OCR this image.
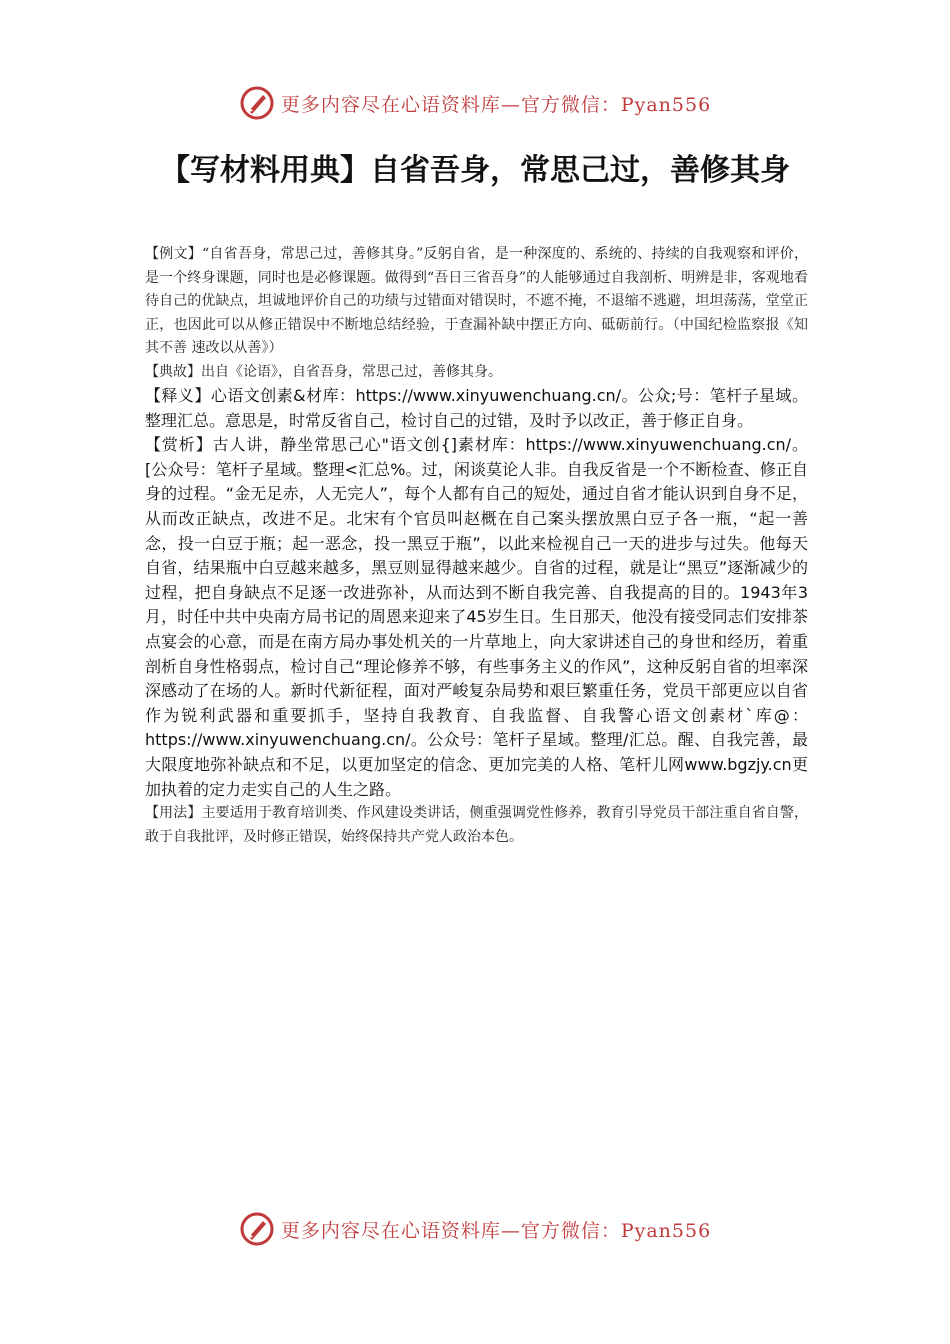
更多内容尽在心语资料库—官方微信：Pyan556
【写材料用典】自省吾身，常思己过，善修其身

【例文】“自省吾身，常思己过，善修其身。”反躬自省，是一种深度的、系统的、持续的自我观察和评价，是一个终身课题，同时也是必修课题。做得到“吾日三省吾身”的人能够通过自我剖析、明辨是非，客观地看待自己的优缺点，坦诚地评价自己的功绩与过错面对错误时，不遮不掩，不退缩不逃避，坦坦荡荡，堂堂正正，也因此可以从修正错误中不断地总结经验，于查漏补缺中摆正方向、砥砺前行。（中国纪检监察报《知其不善 速改以从善》）

【典故】出自《论语》，自省吾身，常思己过，善修其身。

【释义】心语文创素&材库：https://www.xinyuwenchuang.cn/。公众;号：笔杆子星域。整理汇总。意思是，时常反省自己，检讨自己的过错，及时予以改正，善于修正自身。

【赏析】古人讲，静坐常思己心"语文创{]素材库：https://www.xinyuwenchuang.cn/。[公众号：笔杆子星域。整理<汇总%。过，闲谈莫论人非。自我反省是一个不断检查、修正自身的过程。“金无足赤，人无完人”，每个人都有自己的短处，通过自省才能认识到自身不足，从而改正缺点，改进不足。北宋有个官员叫赵概在自己案头摆放黑白豆子各一瓶，“起一善念，投一白豆于瓶；起一恶念，投一黑豆于瓶”，以此来检视自己一天的进步与过失。他每天自省，结果瓶中白豆越来越多，黑豆则显得越来越少。自省的过程，就是让“黑豆”逐渐减少的过程，把自身缺点不足逐一改进弥补，从而达到不断自我完善、自我提高的目的。1943年3月，时任中共中央南方局书记的周恩来迎来了45岁生日。生日那天，他没有接受同志们安排茶点宴会的心意，而是在南方局办事处机关的一片草地上，向大家讲述自己的身世和经历，着重剖析自身性格弱点，检讨自己“理论修养不够，有些事务主义的作风”，这种反躬自省的坦率深深感动了在场的人。新时代新征程，面对严峻复杂局势和艰巨繁重任务，党员干部更应以自省作为锐利武器和重要抓手，坚持自我教育、自我监督、自我警心语文创素材`库@：https://www.xinyuwenchuang.cn/。公众号：笔杆子星域。整理/汇总。醒、自我完善，最大限度地弥补缺点和不足，以更加坚定的信念、更加完美的人格、笔杆儿网www.bgzjy.cn更加执着的定力走实自己的人生之路。

【用法】主要适用于教育培训类、作风建设类讲话，侧重强调党性修养，教育引导党员干部注重自省自警，敢于自我批评，及时修正错误，始终保持共产党人政治本色。

更多内容尽在心语资料库—官方微信：Pyan556
